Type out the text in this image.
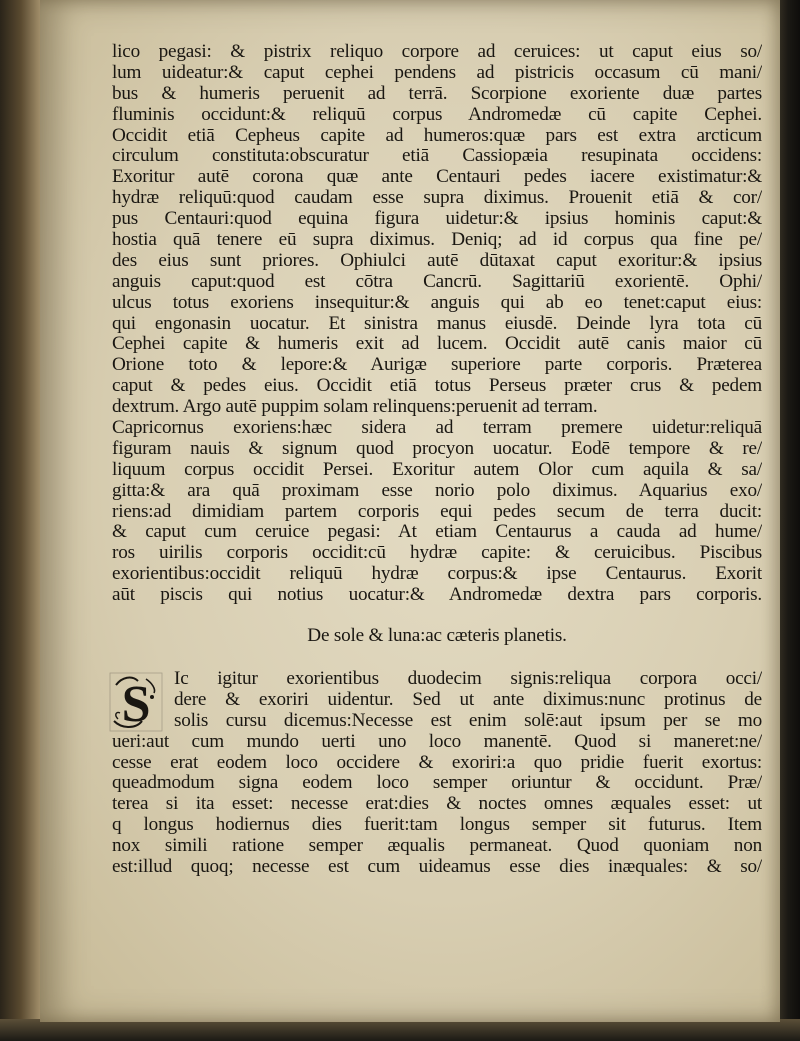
lico pegasi: & pistrix reliquo corpore ad ceruices: ut caput eius so/
lum uideatur:& caput cephei pendens ad pistricis occasum cū mani/
bus & humeris peruenit ad terrā. Scorpione exoriente duæ partes
fluminis occidunt:& reliquū corpus Andromedæ cū capite Cephei.
Occidit etiā Cepheus capite ad humeros:quæ pars est extra arcticum
circulum constituta:obscuratur etiā Cassiopæia resupinata occidens:
Exoritur autē corona quæ ante Centauri pedes iacere existimatur:&
hydræ reliquū:quod caudam esse supra diximus. Prouenit etiā & cor/
pus Centauri:quod equina figura uidetur:& ipsius hominis caput:&
hostia quā tenere eū supra diximus. Deniq; ad id corpus qua fine pe/
des eius sunt priores. Ophiulci autē dūtaxat caput exoritur:& ipsius
anguis caput:quod est cōtra Cancrū. Sagittariū exorientē. Ophi/
ulcus totus exoriens insequitur:& anguis qui ab eo tenet:caput eius:
qui engonasin uocatur. Et sinistra manus eiusdē. Deinde lyra tota cū
Cephei capite & humeris exit ad lucem. Occidit autē canis maior cū
Orione toto & lepore:& Aurigæ superiore parte corporis. Præterea
caput & pedes eius. Occidit etiā totus Perseus præter crus & pedem
dextrum. Argo autē puppim solam relinquens:peruenit ad terram.
Capricornus exoriens:hæc sidera ad terram premere uidetur:reliquā
figuram nauis & signum quod procyon uocatur. Eodē tempore & re/
liquum corpus occidit Persei. Exoritur autem Olor cum aquila & sa/
gitta:& ara quā proximam esse norio polo diximus. Aquarius exo/
riens:ad dimidiam partem corporis equi pedes secum de terra ducit:
& caput cum ceruice pegasi: At etiam Centaurus a cauda ad hume/
ros uirilis corporis occidit:cū hydræ capite: & ceruicibus. Piscibus
exorientibus:occidit reliquū hydræ corpus:& ipse Centaurus. Exorit
aūt piscis qui notius uocatur:& Andromedæ dextra pars corporis.
De sole & luna:ac cæteris planetis.
S	Ic igitur exorientibus duodecim signis:reliqua corpora occi/
dere & exoriri uidentur. Sed ut ante diximus:nunc protinus de
solis cursu dicemus:Necesse est enim solē:aut ipsum per se mo
ueri:aut cum mundo uerti uno loco manentē. Quod si maneret:ne/
cesse erat eodem loco occidere & exoriri:a quo pridie fuerit exortus:
queadmodum signa eodem loco semper oriuntur & occidunt. Præ/
terea si ita esset: necesse erat:dies & noctes omnes æquales esset: ut
q longus hodiernus dies fuerit:tam longus semper sit futurus. Item
nox simili ratione semper æqualis permaneat. Quod quoniam non
est:illud quoq; necesse est cum uideamus esse dies inæquales: & so/
